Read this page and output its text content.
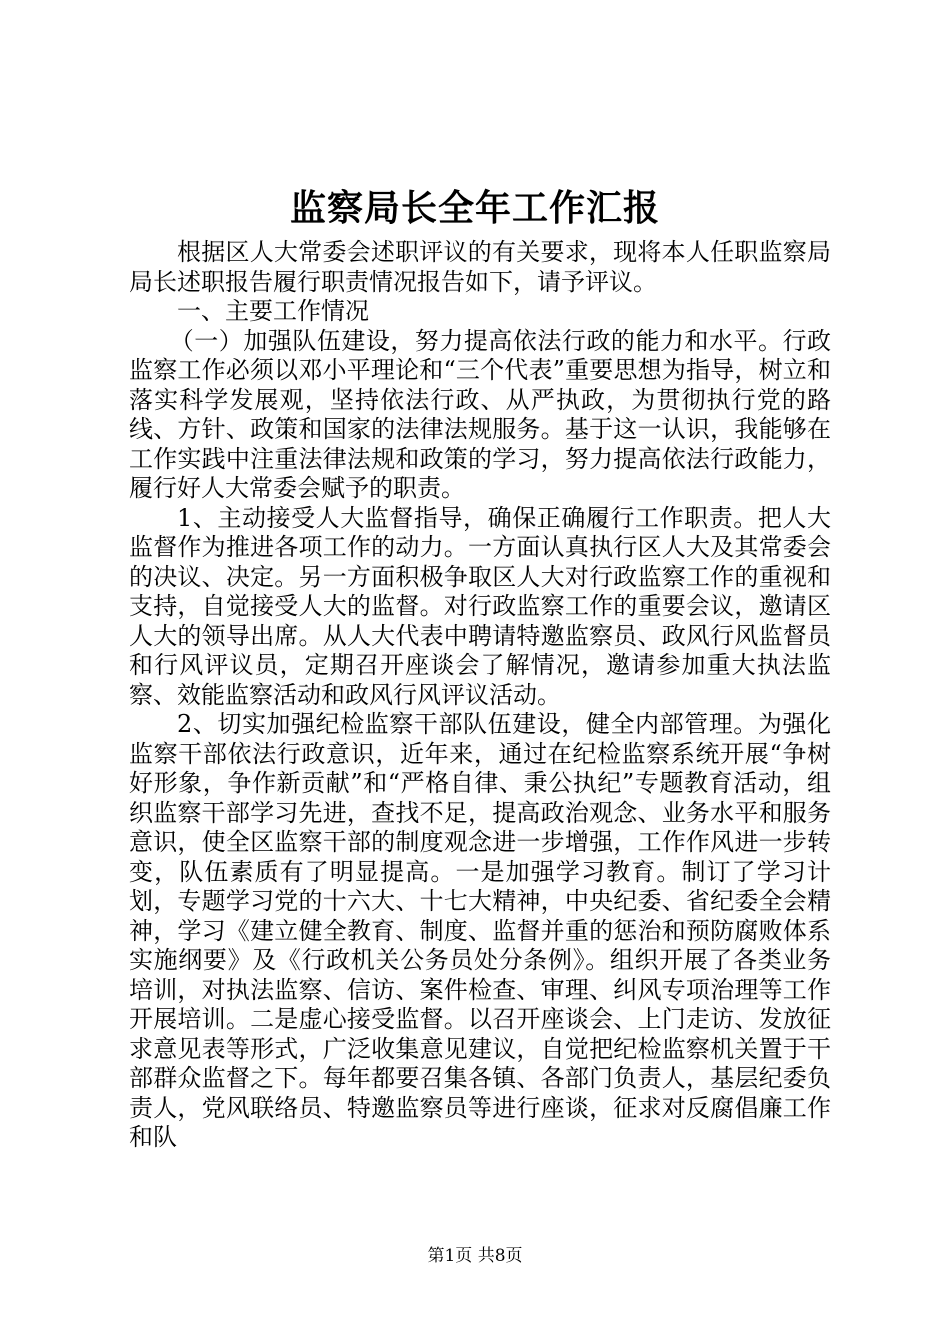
监察局长全年工作汇报

根据区人大常委会述职评议的有关要求，现将本人任职监察局局长述职报告履行职责情况报告如下，请予评议。

一、主要工作情况

（一）加强队伍建设，努力提高依法行政的能力和水平。行政监察工作必须以邓小平理论和“三个代表”重要思想为指导，树立和落实科学发展观，坚持依法行政、从严执政，为贯彻执行党的路线、方针、政策和国家的法律法规服务。基于这一认识，我能够在工作实践中注重法律法规和政策的学习，努力提高依法行政能力，履行好人大常委会赋予的职责。

1、主动接受人大监督指导，确保正确履行工作职责。把人大监督作为推进各项工作的动力。一方面认真执行区人大及其常委会的决议、决定。另一方面积极争取区人大对行政监察工作的重视和支持，自觉接受人大的监督。对行政监察工作的重要会议，邀请区人大的领导出席。从人大代表中聘请特邀监察员、政风行风监督员和行风评议员，定期召开座谈会了解情况，邀请参加重大执法监察、效能监察活动和政风行风评议活动。

2、切实加强纪检监察干部队伍建设，健全内部管理。为强化监察干部依法行政意识，近年来，通过在纪检监察系统开展“争树好形象，争作新贡献”和“严格自律、秉公执纪”专题教育活动，组织监察干部学习先进，查找不足，提高政治观念、业务水平和服务意识，使全区监察干部的制度观念进一步增强，工作作风进一步转变，队伍素质有了明显提高。一是加强学习教育。制订了学习计划，专题学习党的十六大、十七大精神，中央纪委、省纪委全会精神，学习《建立健全教育、制度、监督并重的惩治和预防腐败体系实施纲要》及《行政机关公务员处分条例》。组织开展了各类业务培训，对执法监察、信访、案件检查、审理、纠风专项治理等工作开展培训。二是虚心接受监督。以召开座谈会、上门走访、发放征求意见表等形式，广泛收集意见建议，自觉把纪检监察机关置于干部群众监督之下。每年都要召集各镇、各部门负责人，基层纪委负责人，党风联络员、特邀监察员等进行座谈，征求对反腐倡廉工作和队

第1页 共8页
